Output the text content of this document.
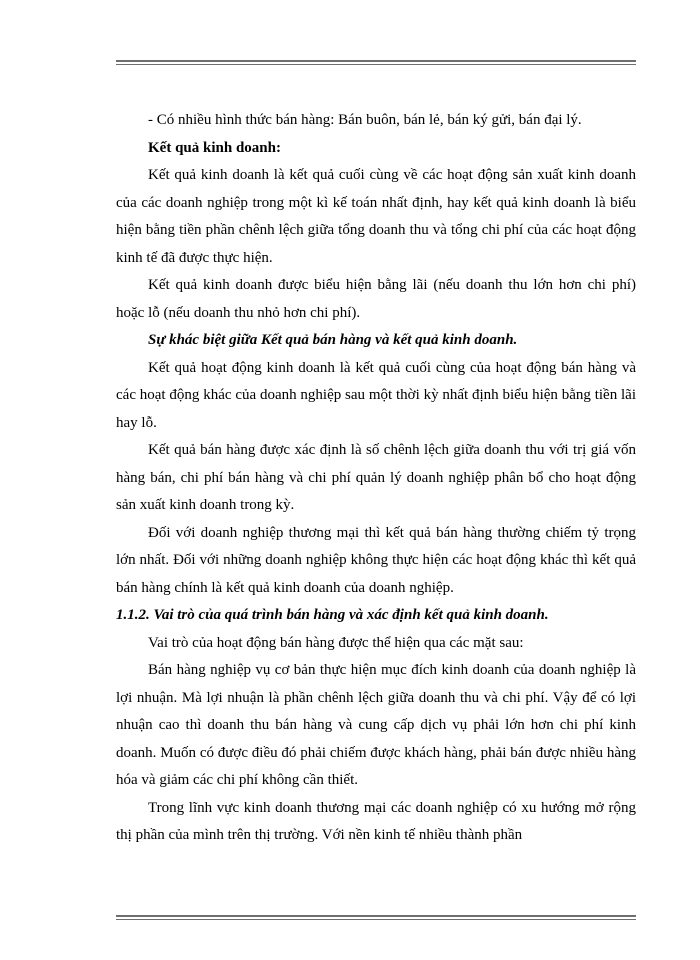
- Có nhiều hình thức bán hàng: Bán buôn, bán lẻ, bán ký gửi, bán đại lý.

Kết quả kinh doanh:

Kết quả kinh doanh là kết quả cuối cùng về các hoạt động sản xuất kinh doanh của các doanh nghiệp trong một kì kế toán nhất định, hay kết quả kinh doanh là biểu hiện bằng tiền phần chênh lệch giữa tổng doanh thu và tổng chi phí của các hoạt động kinh tế đã được thực hiện.

Kết quả kinh doanh được biểu hiện bằng lãi (nếu doanh thu lớn hơn chi phí) hoặc lỗ (nếu doanh thu nhỏ hơn chi phí).

Sự khác biệt giữa Kết quả bán hàng và kết quả kinh doanh.

Kết quả hoạt động kinh doanh là kết quả cuối cùng của hoạt động bán hàng và các hoạt động khác của doanh nghiệp sau một thời kỳ nhất định biểu hiện bằng tiền lãi hay lỗ.

Kết quả bán hàng được xác định là số chênh lệch giữa doanh thu với trị giá vốn hàng bán, chi phí bán hàng và chi phí quản lý doanh nghiệp phân bổ cho hoạt động sản xuất kinh doanh trong kỳ.

Đối với doanh nghiệp thương mại thì kết quả bán hàng thường chiếm tỷ trọng lớn nhất. Đối với những doanh nghiệp không thực hiện các hoạt động khác thì kết quả bán hàng chính là kết quả kinh doanh của doanh nghiệp.

1.1.2. Vai trò của quá trình bán hàng và xác định kết quả kinh doanh.

Vai trò của hoạt động bán hàng được thể hiện qua các mặt sau:

Bán hàng nghiệp vụ cơ bản thực hiện mục đích kinh doanh của doanh nghiệp là lợi nhuận. Mà lợi nhuận là phần chênh lệch giữa doanh thu và chi phí. Vậy để có lợi nhuận cao thì doanh thu bán hàng và cung cấp dịch vụ phải lớn hơn chi phí kinh doanh. Muốn có được điều đó phải chiếm được khách hàng, phải bán được nhiều hàng hóa và giảm các chi phí không cần thiết.

Trong lĩnh vực kinh doanh thương mại các doanh nghiệp có xu hướng mở rộng thị phần của mình trên thị trường. Với nền kinh tế nhiều thành phần
